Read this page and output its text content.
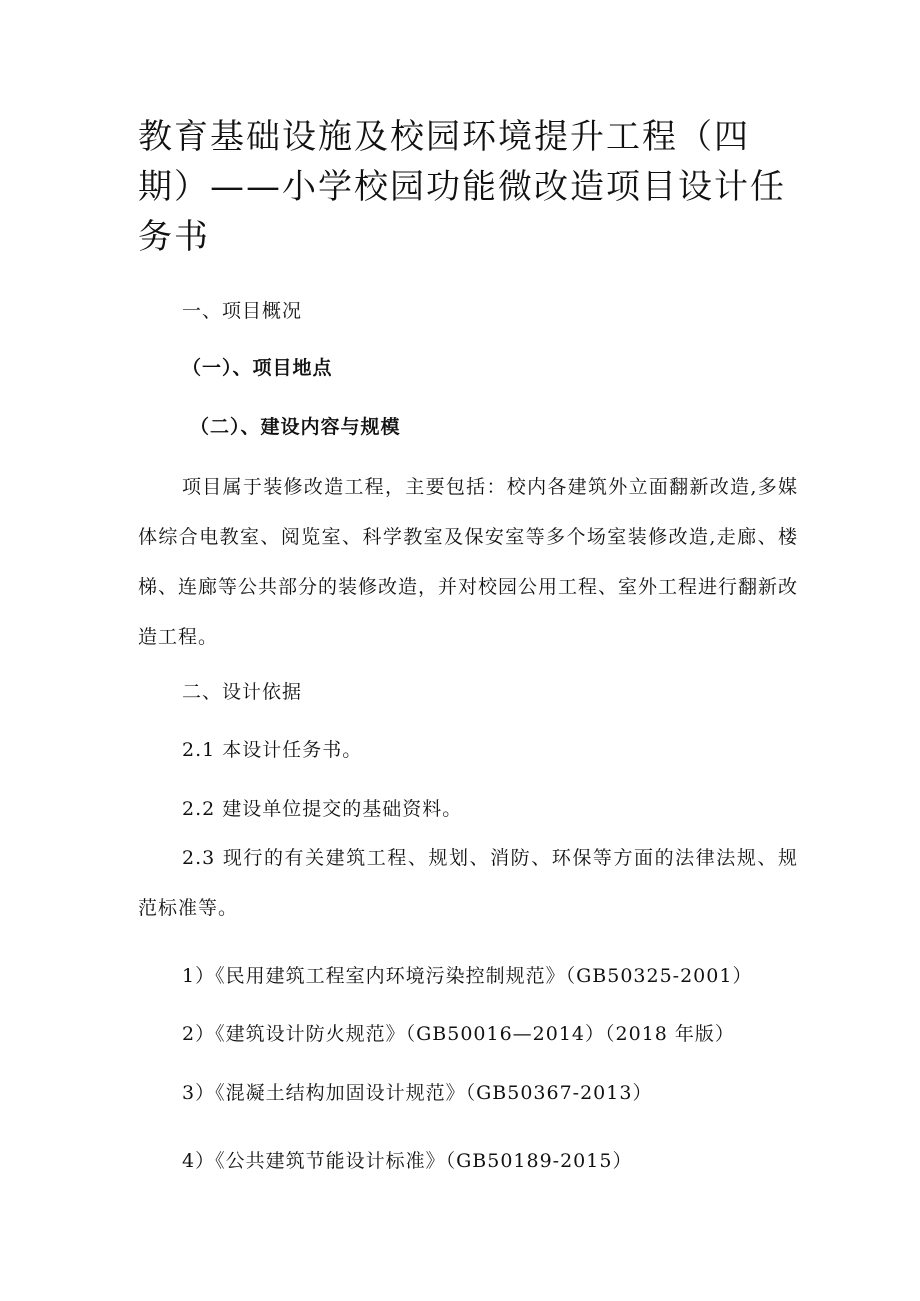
教育基础设施及校园环境提升工程（四期）——小学校园功能微改造项目设计任务书
一、项目概况
（一）、项目地点
（二）、建设内容与规模

项目属于装修改造工程，主要包括：校内各建筑外立面翻新改造,多媒体综合电教室、阅览室、科学教室及保安室等多个场室装修改造,走廊、楼梯、连廊等公共部分的装修改造，并对校园公用工程、室外工程进行翻新改造工程。

二、设计依据
2.1 本设计任务书。
2.2 建设单位提交的基础资料。

2.3 现行的有关建筑工程、规划、消防、环保等方面的法律法规、规范标准等。

1）《民用建筑工程室内环境污染控制规范》（GB50325-2001）
2）《建筑设计防火规范》（GB50016—2014）（2018 年版）
3）《混凝土结构加固设计规范》（GB50367-2013）
4）《公共建筑节能设计标准》（GB50189-2015）
